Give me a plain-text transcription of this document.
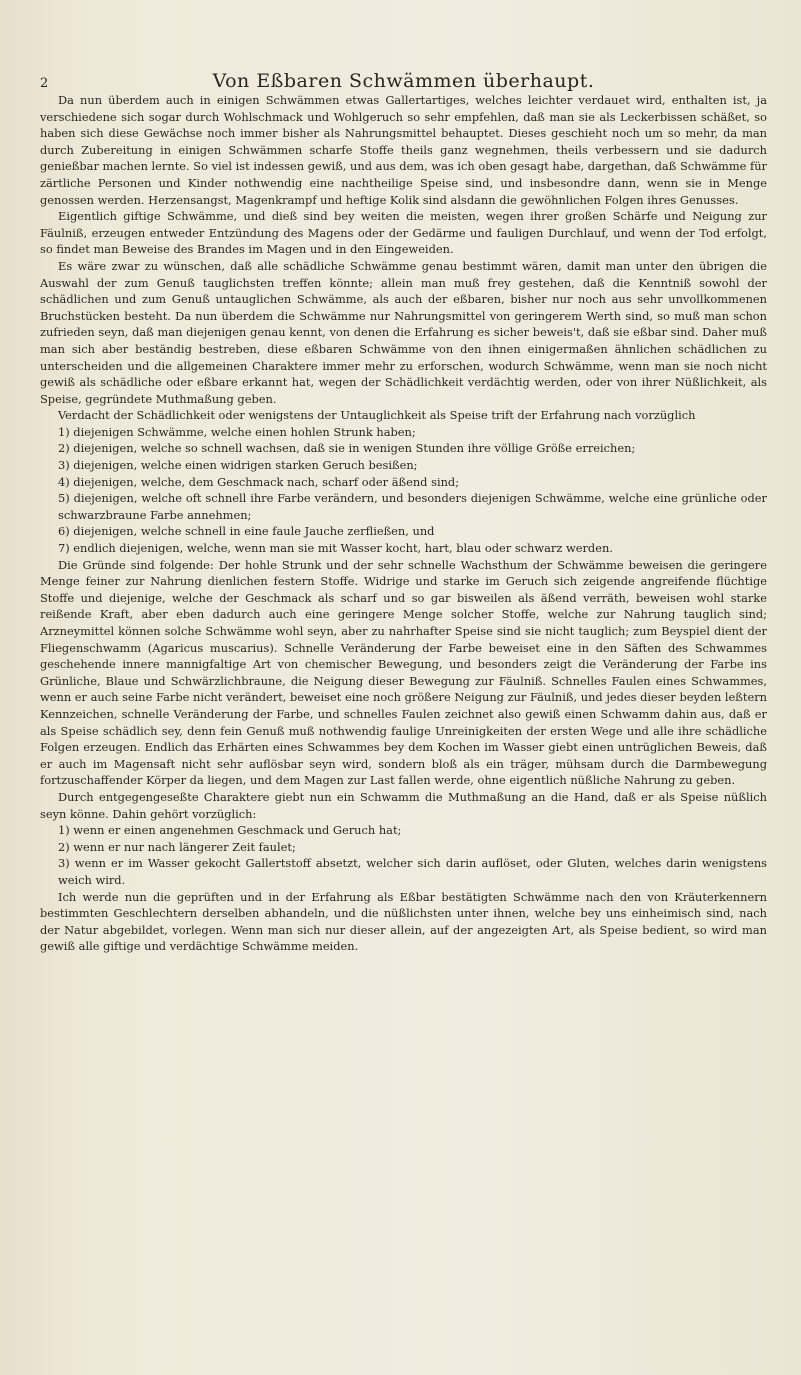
2	Von Eßbaren Schwämmen überhaupt.

Da nun überdem auch in einigen Schwämmen etwas Gallertartiges, welches leichter verdauet wird, enthalten ist, ja verschiedene sich sogar durch Wohlschmack und Wohlgeruch so sehr empfehlen, daß man sie als Leckerbissen schäßet, so haben sich diese Gewächse noch immer bisher als Nahrungsmittel behauptet. Dieses geschieht noch um so mehr, da man durch Zubereitung in einigen Schwämmen scharfe Stoffe theils ganz wegnehmen, theils verbessern und sie dadurch genießbar machen lernte. So viel ist indessen gewiß, und aus dem, was ich oben gesagt habe, dargethan, daß Schwämme für zärtliche Personen und Kinder nothwendig eine nachtheilige Speise sind, und insbesondre dann, wenn sie in Menge genossen werden. Herzensangst, Magenkrampf und heftige Kolik sind alsdann die gewöhnlichen Folgen ihres Genusses.

Eigentlich giftige Schwämme, und dieß sind bey weiten die meisten, wegen ihrer großen Schärfe und Neigung zur Fäulniß, erzeugen entweder Entzündung des Magens oder der Gedärme und fauligen Durchlauf, und wenn der Tod erfolgt, so findet man Beweise des Brandes im Magen und in den Eingeweiden.

Es wäre zwar zu wünschen, daß alle schädliche Schwämme genau bestimmt wären, damit man unter den übrigen die Auswahl der zum Genuß tauglichsten treffen könnte; allein man muß frey gestehen, daß die Kenntniß sowohl der schädlichen und zum Genuß untauglichen Schwämme, als auch der eßbaren, bisher nur noch aus sehr unvollkommenen Bruchstücken besteht. Da nun überdem die Schwämme nur Nahrungsmittel von geringerem Werth sind, so muß man schon zufrieden seyn, daß man diejenigen genau kennt, von denen die Erfahrung es sicher beweis't, daß sie eßbar sind. Daher muß man sich aber beständig bestreben, diese eßbaren Schwämme von den ihnen einigermaßen ähnlichen schädlichen zu unterscheiden und die allgemeinen Charaktere immer mehr zu erforschen, wodurch Schwämme, wenn man sie noch nicht gewiß als schädliche oder eßbare erkannt hat, wegen der Schädlichkeit verdächtig werden, oder von ihrer Nüßlichkeit, als Speise, gegründete Muthmaßung geben.

Verdacht der Schädlichkeit oder wenigstens der Untauglichkeit als Speise trift der Erfahrung nach vorzüglich

1) diejenigen Schwämme, welche einen hohlen Strunk haben;
2) diejenigen, welche so schnell wachsen, daß sie in wenigen Stunden ihre völlige Größe erreichen;
3) diejenigen, welche einen widrigen starken Geruch besißen;
4) diejenigen, welche, dem Geschmack nach, scharf oder äßend sind;
5) diejenigen, welche oft schnell ihre Farbe verändern, und besonders diejenigen Schwämme, welche eine grünliche oder schwarzbraune Farbe annehmen;
6) diejenigen, welche schnell in eine faule Jauche zerfließen, und
7) endlich diejenigen, welche, wenn man sie mit Wasser kocht, hart, blau oder schwarz werden.

Die Gründe sind folgende: Der hohle Strunk und der sehr schnelle Wachsthum der Schwämme beweisen die geringere Menge feiner zur Nahrung dienlichen festern Stoffe. Widrige und starke im Geruch sich zeigende angreifende flüchtige Stoffe und diejenige, welche der Geschmack als scharf und so gar bisweilen als äßend verräth, beweisen wohl starke reißende Kraft, aber eben dadurch auch eine geringere Menge solcher Stoffe, welche zur Nahrung tauglich sind; Arzneymittel können solche Schwämme wohl seyn, aber zu nahrhafter Speise sind sie nicht tauglich; zum Beyspiel dient der Fliegenschwamm (Agaricus muscarius). Schnelle Veränderung der Farbe beweiset eine in den Säften des Schwammes geschehende innere mannigfaltige Art von chemischer Bewegung, und besonders zeigt die Veränderung der Farbe ins Grünliche, Blaue und Schwärzlichbraune, die Neigung dieser Bewegung zur Fäulniß. Schnelles Faulen eines Schwammes, wenn er auch seine Farbe nicht verändert, beweiset eine noch größere Neigung zur Fäulniß, und jedes dieser beyden leßtern Kennzeichen, schnelle Veränderung der Farbe, und schnelles Faulen zeichnet also gewiß einen Schwamm dahin aus, daß er als Speise schädlich sey, denn fein Genuß muß nothwendig faulige Unreinigkeiten der ersten Wege und alle ihre schädliche Folgen erzeugen. Endlich das Erhärten eines Schwammes bey dem Kochen im Wasser giebt einen untrüglichen Beweis, daß er auch im Magensaft nicht sehr auflösbar seyn wird, sondern bloß als ein träger, mühsam durch die Darmbewegung fortzuschaffender Körper da liegen, und dem Magen zur Last fallen werde, ohne eigentlich nüßliche Nahrung zu geben.

Durch entgegengeseßte Charaktere giebt nun ein Schwamm die Muthmaßung an die Hand, daß er als Speise nüßlich seyn könne. Dahin gehört vorzüglich:

1) wenn er einen angenehmen Geschmack und Geruch hat;
2) wenn er nur nach längerer Zeit faulet;
3) wenn er im Wasser gekocht Gallertstoff absetzt, welcher sich darin auflöset, oder Gluten, welches darin wenigstens weich wird.

Ich werde nun die geprüften und in der Erfahrung als Eßbar bestätigten Schwämme nach den von Kräuterkennern bestimmten Geschlechtern derselben abhandeln, und die nüßlichsten unter ihnen, welche bey uns einheimisch sind, nach der Natur abgebildet, vorlegen. Wenn man sich nur dieser allein, auf der angezeigten Art, als Speise bedient, so wird man gewiß alle giftige und verdächtige Schwämme meiden.
